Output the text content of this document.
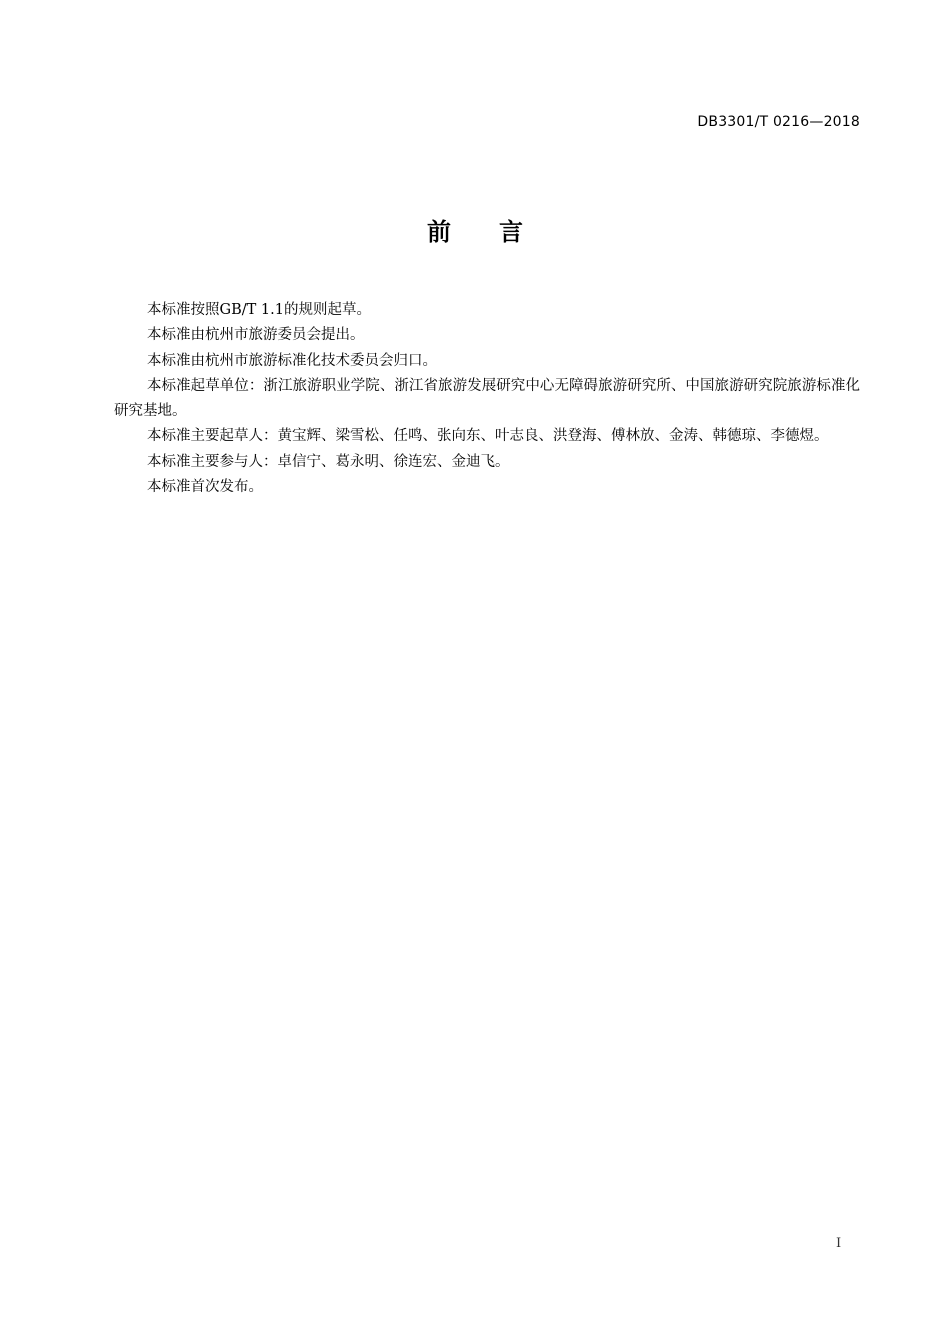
DB3301/T 0216—2018
前　　言

本标准按照GB/T 1.1的规则起草。

本标准由杭州市旅游委员会提出。

本标准由杭州市旅游标准化技术委员会归口。

本标准起草单位：浙江旅游职业学院、浙江省旅游发展研究中心无障碍旅游研究所、中国旅游研究院旅游标准化研究基地。

本标准主要起草人：黄宝辉、梁雪松、任鸣、张向东、叶志良、洪登海、傅林放、金涛、韩德琼、李德煜。

本标准主要参与人：卓信宁、葛永明、徐连宏、金迪飞。

本标准首次发布。

I
